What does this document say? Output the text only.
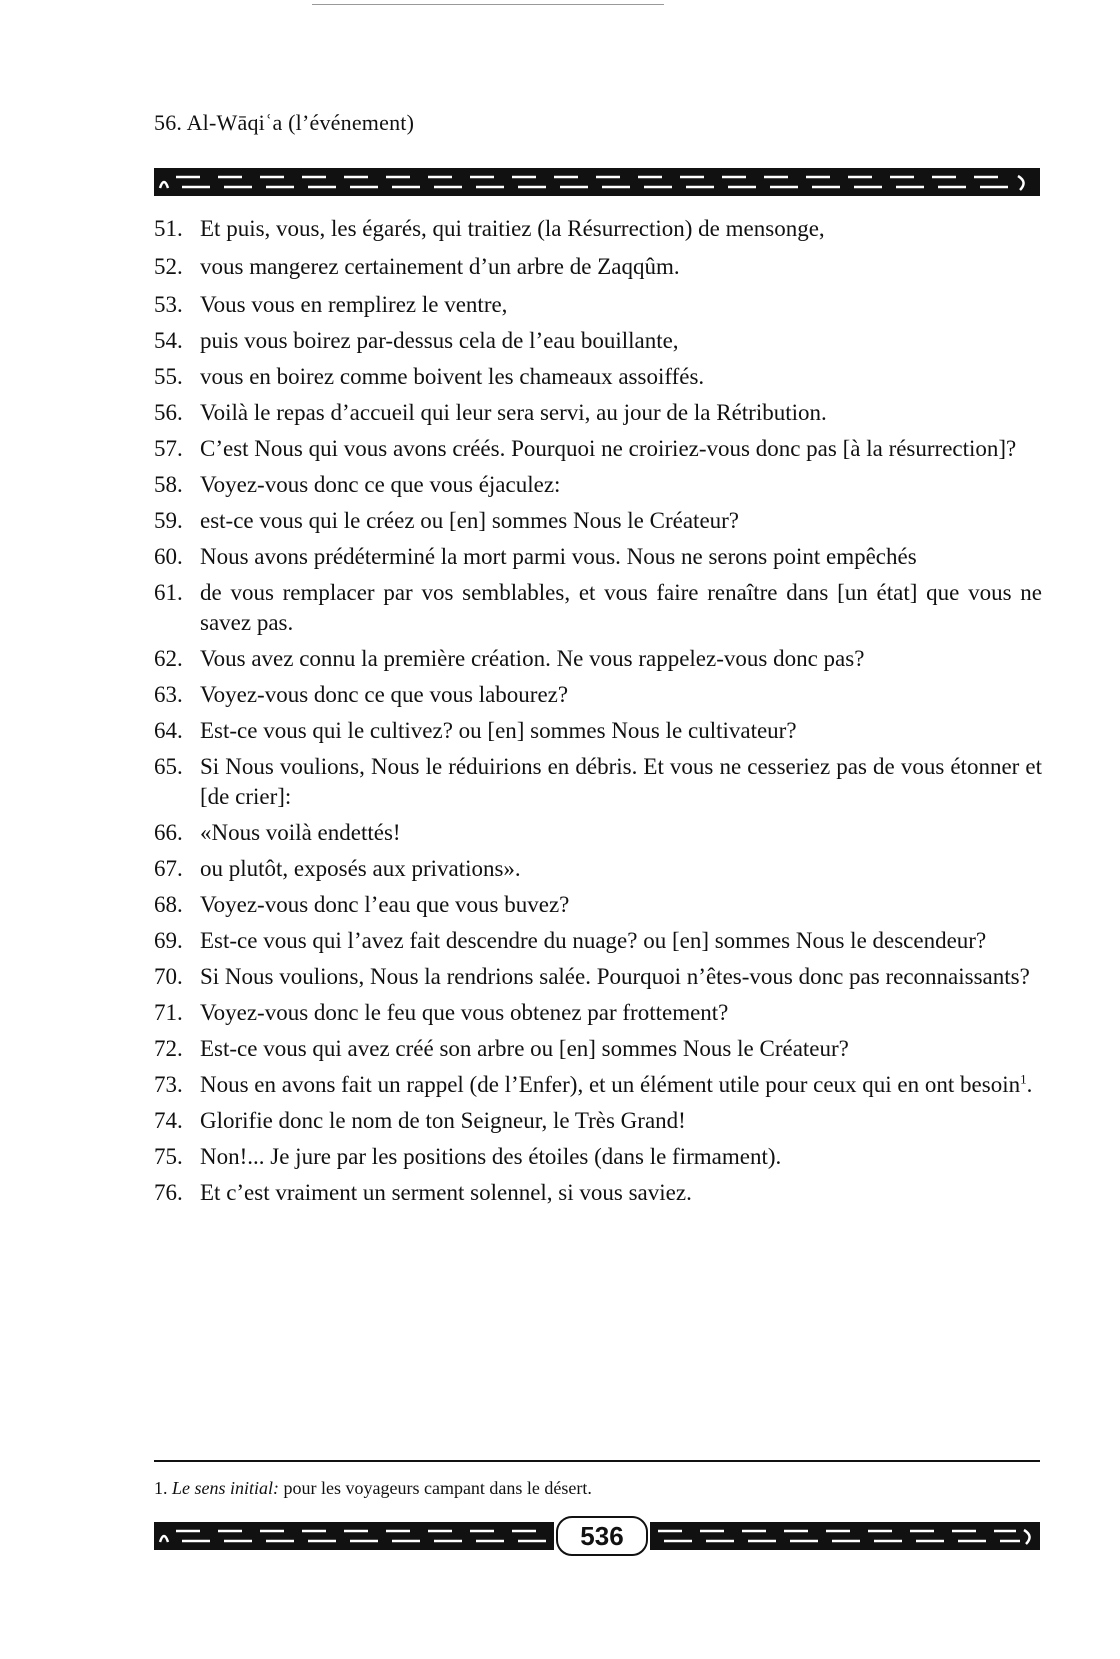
56. Al-Wāqiʿa (l’événement)
51. Et puis, vous, les égarés, qui traitiez (la Résurrection) de mensonge,
52. vous mangerez certainement d’un arbre de Zaqqûm.
53. Vous vous en remplirez le ventre,
54. puis vous boirez par-dessus cela de l’eau bouillante,
55. vous en boirez comme boivent les chameaux assoiffés.
56. Voilà le repas d’accueil qui leur sera servi, au jour de la Rétribution.
57. C’est Nous qui vous avons créés. Pourquoi ne croiriez-vous donc pas [à la résurrection]?
58. Voyez-vous donc ce que vous éjaculez:
59. est-ce vous qui le créez ou [en] sommes Nous le Créateur?
60. Nous avons prédéterminé la mort parmi vous. Nous ne serons point empêchés
61. de vous remplacer par vos semblables, et vous faire renaître dans [un état] que vous ne savez pas.
62. Vous avez connu la première création. Ne vous rappelez-vous donc pas?
63. Voyez-vous donc ce que vous labourez?
64. Est-ce vous qui le cultivez? ou [en] sommes Nous le cultivateur?
65. Si Nous voulions, Nous le réduirions en débris. Et vous ne cesseriez pas de vous étonner et [de crier]:
66. «Nous voilà endettés!
67. ou plutôt, exposés aux privations».
68. Voyez-vous donc l’eau que vous buvez?
69. Est-ce vous qui l’avez fait descendre du nuage? ou [en] sommes Nous le descendeur?
70. Si Nous voulions, Nous la rendrions salée. Pourquoi n’êtes-vous donc pas reconnaissants?
71. Voyez-vous donc le feu que vous obtenez par frottement?
72. Est-ce vous qui avez créé son arbre ou [en] sommes Nous le Créateur?
73. Nous en avons fait un rappel (de l’Enfer), et un élément utile pour ceux qui en ont besoin$^1$.
74. Glorifie donc le nom de ton Seigneur, le Très Grand!
75. Non!... Je jure par les positions des étoiles (dans le firmament).
76. Et c’est vraiment un serment solennel, si vous saviez.
1. Le sens initial: pour les voyageurs campant dans le désert.
536
